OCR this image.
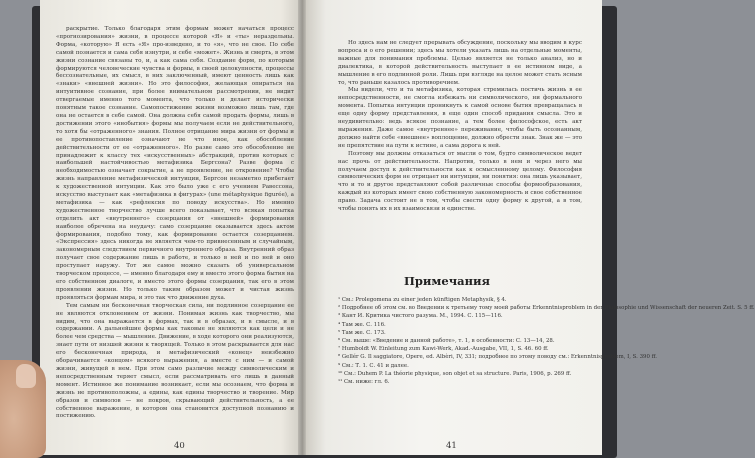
раскрытие. Только благодаря этим формам может начаться процесс «прогнозирования» жизни, в процессе которой «Я» и «ты» нераздельны. Форма, «которую» Я есть «Я» про-изведено, и то «я», что не свое. По себе самой познается и сама себя изнутри, и себе «может». Жизнь и смерть, в этом жизни сознание связаны то, и, а как сама себя. Создание форм, по которым формируются человеческие чувства и формы, в своей целокупности, процессы бессознательные, их смысл, в них заключенный, имеют ценность лишь как «знаки» «внешней жизни». Но это философия, желающая опираться на интуитивное сознание, при более внимательном рассмотрении, не видит отвергаемые именно того момента, что только и делает исторически понятным такое сознание. Самопостижение жизни возможно лишь там, где она не остается в себе самой. Она должна себя самой продать формы, лишь в достижении этого «инобытия» формы мы получаем если не действительного, то хотя бы «отраженного» знания. Полное отрицание мира жизни от формы и ее противопоставление означают не что иное, как обособление действительности от ее «отраженного». Но разве само это обособление не принадлежит к классу тех «искусственных» абстракций, против которых с наибольшей настойчивостью метафизика Бергсона? Разве форма с необходимостью означает сокрытие, а не проявление, не откровение? Чтобы жизнь направление метафизической интуиции, Бергсон незаметно прибегает к художественной интуиции. Как это было уже с его учением Равессона, искусство выступает как «метафизика в фигурах» (une métaphysique figurée), а метафизика — как «рефлексия по поводу искусства». Но именно художественное творчество лучше всего показывает, что всякая попытка отделить акт «внутреннего» созерцания от «внешней» формирования наиболее обречена на неудачу: само созерцание оказывается здесь актом формирования, подобно тому, как формирование остается созерцанием. «Экспрессия» здесь никогда не является чем-то привнесенным и случайным, закономерным следствием первичного внутреннего образа. Внутренний образ получает свое содержание лишь в работе, и только в ней и по ней и оно проступает наружу. Тот же самое можно сказать об универсальном творческом процессе, — именно благодаря ему и вместо этого форма бытия на его собственном диалоге, и вместо этого формы созерцания, так его в этом проявлении жизни. Но только таким образом может и чистая жизнь проявляться формам мира, и это так что движение духа.

Тем самым ни бесконечная творческая сила, ни подлинное созерцание ее не являются отклонением от жизни. Понимая жизнь как творчество, мы видим, что она выражается в формах, так и в образах, и в смысле, и в содержании. А дальнейшие формы как таковые не являются как цели и не более чем средства — мышление. Движение, в ходе которого они реализуются, знает пути от низшей жизни к творящей. Только в этом раскрывается для нас его бесконечная природа, и метафизический «конец» неизбежно оборачивается «концом» всякого выражения, а вместе с ним — и самой жизни, живущей в нем. При этом само различие между символическим и непосредственным теряет смысл, если рассматривать его лишь в данный момент. Истинное же понимание возникает, если мы осознаем, что форма и жизнь не противоположны, а едины, как едины творчество и творение. Мир образов и символов — не покров, скрывающий действительность, а ее собственное выражение, в котором она становится доступной познанию и постижению.

40

Но здесь нам не следует прерывать обсуждение, поскольку мы вводим в курс вопроса и о его решении; здесь мы хотели указать лишь на отдельные моменты, важные для понимания проблемы. Целью является не только анализ, но и диалектика, в которой действительность выступает в ее истинном виде, а мышление в его подлинной роли. Лишь при взгляде на целое может стать ясным то, что раньше казалось противоречием.

Мы видели, что и та метафизика, которая стремилась постичь жизнь в ее непосредственности, не смогла избежать ни символического, ни формального момента. Попытка интуиции проникнуть к самой основе бытия превращалась в еще одну форму представления, в еще один способ придания смысла. Это и неудивительно: ведь всякое познание, а тем более философское, есть акт выражения. Даже самое «внутреннее» переживание, чтобы быть осознанным, должно найти себе «внешнее» воплощение, должно обрести знак. Знак же — это не препятствие на пути к истине, а сама дорога к ней.

Поэтому мы должны отказаться от мысли о том, будто символическое ведет нас прочь от действительности. Напротив, только в нем и через него мы получаем доступ к действительности как к осмысленному целому. Философия символических форм не отрицает ни интуиции, ни понятия: она лишь указывает, что и то и другое представляют собой различные способы формообразования, каждый из которых имеет свою собственную закономерность и свое собственное право. Задача состоит не в том, чтобы свести одну форму к другой, а в том, чтобы понять их в их взаимосвязи и единстве.

Примечания
¹ См.: Prolegomena zu einer jeden künftigen Metaphysik, § 4.
² Подробнее об этом см. во Введении к третьему тому моей работы Erkenntnisproblem in der Philosophie und Wissenschaft der neueren Zeit. S. 5 ff.
³ Кант И. Критика чистого разума. М., 1994. С. 115—116.
⁴ Там же. С. 116.
⁵ Там же. С. 173.
⁶ См. выше: «Введение и данной работе», т. 1, в особенности: С. 13—14, 28.
⁷ Humboldt W. Einleitung zum Kawi-Werk, Akad.-Ausgabe, VII, 1, S. 46. 60 ff.
⁸ Gellér G. Il saggiatore, Opere, ed. Albèri, IV, 331; подробнее по этому поводу см.: Erkenntnisproblem, I, S. 390 ff.
⁹ См.: Т. 1. С. 41 и далее.
¹⁰ См.: Duhem P. La théorie physique, son objet et sa structure. Paris, 1906, p. 269 ff.
¹¹ См. ниже: гл. 6.
41
